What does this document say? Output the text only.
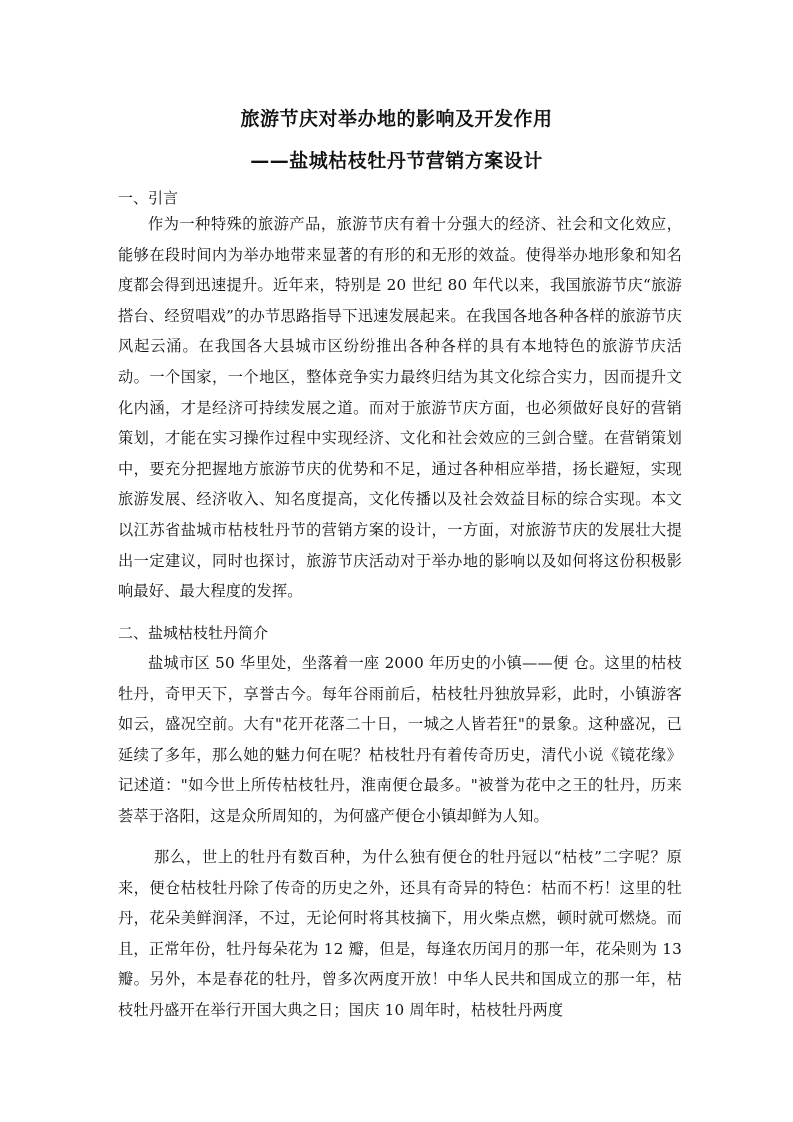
旅游节庆对举办地的影响及开发作用
——盐城枯枝牡丹节营销方案设计
一、引言

作为一种特殊的旅游产品，旅游节庆有着十分强大的经济、社会和文化效应，能够在段时间内为举办地带来显著的有形的和无形的效益。使得举办地形象和知名度都会得到迅速提升。近年来，特别是 20 世纪 80 年代以来，我国旅游节庆“旅游搭台、经贸唱戏”的办节思路指导下迅速发展起来。在我国各地各种各样的旅游节庆风起云涌。在我国各大县城市区纷纷推出各种各样的具有本地特色的旅游节庆活动。一个国家，一个地区，整体竞争实力最终归结为其文化综合实力，因而提升文化内涵，才是经济可持续发展之道。而对于旅游节庆方面，也必须做好良好的营销策划，才能在实习操作过程中实现经济、文化和社会效应的三剑合璧。在营销策划中，要充分把握地方旅游节庆的优势和不足，通过各种相应举措，扬长避短，实现旅游发展、经济收入、知名度提高，文化传播以及社会效益目标的综合实现。本文以江苏省盐城市枯枝牡丹节的营销方案的设计，一方面，对旅游节庆的发展壮大提出一定建议，同时也探讨，旅游节庆活动对于举办地的影响以及如何将这份积极影响最好、最大程度的发挥。

二、盐城枯枝牡丹简介

盐城市区 50 华里处，坐落着一座 2000 年历史的小镇——便 仓。这里的枯枝牡丹，奇甲天下，享誉古今。每年谷雨前后，枯枝牡丹独放异彩，此时，小镇游客如云，盛况空前。大有"花开花落二十日，一城之人皆若狂"的景象。这种盛况，已延续了多年，那么她的魅力何在呢？枯枝牡丹有着传奇历史，清代小说《镜花缘》记述道："如今世上所传枯枝牡丹，淮南便仓最多。"被誉为花中之王的牡丹，历来荟萃于洛阳，这是众所周知的，为何盛产便仓小镇却鲜为人知。

那么，世上的牡丹有数百种，为什么独有便仓的牡丹冠以“枯枝”二字呢？原来，便仓枯枝牡丹除了传奇的历史之外，还具有奇异的特色：枯而不朽！这里的牡丹，花朵美鲜润泽，不过，无论何时将其枝摘下，用火柴点燃，顿时就可燃烧。而且，正常年份，牡丹每朵花为 12 瓣，但是，每逢农历闰月的那一年，花朵则为 13 瓣。另外，本是春花的牡丹，曾多次两度开放！中华人民共和国成立的那一年，枯枝牡丹盛开在举行开国大典之日；国庆 10 周年时，枯枝牡丹两度
